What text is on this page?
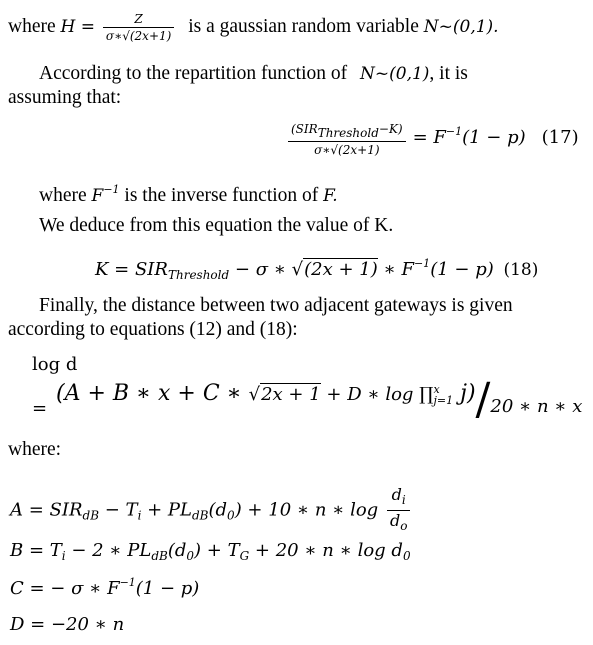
where $H = \frac{Z}{\sigma∗√(2x+1)}$ is a gaussian random variable N~(0,1).
According to the repartition function of N~(0,1), it is
assuming that:
$\frac{\text{(SIRThreshold−K)}}{\sigma∗√(2x+1)} = F^{-1}(1 - p)$ (17)
where $F^{-1}$ is the inverse function of F.
We deduce from this equation the value of K.
$K = SIR_{Threshold} - \sigma$ ∗ √(2x + 1) ∗ $F^{-1}(1 - p)$ (18)
Finally, the distance between two adjacent gateways is given
according to equations (12) and (18):
log d
=
(A + B ∗ x + C ∗ √2x + 1 + D ∗ log ∏ x
j=1 j)/20 ∗ n ∗ x
where:
$A = SIR_{dB} - T_i + PL_{dB}(d_0) + 10$ ∗ n ∗ $\log \frac{d_i}{d_o}$
$B = T_i - 2$ ∗ $PL_{dB}(d_0) + T_G + 20$ ∗ n ∗ $\log d_0$
C = − σ ∗ $F^{-1}(1 - p)$
D = −20 ∗ n
